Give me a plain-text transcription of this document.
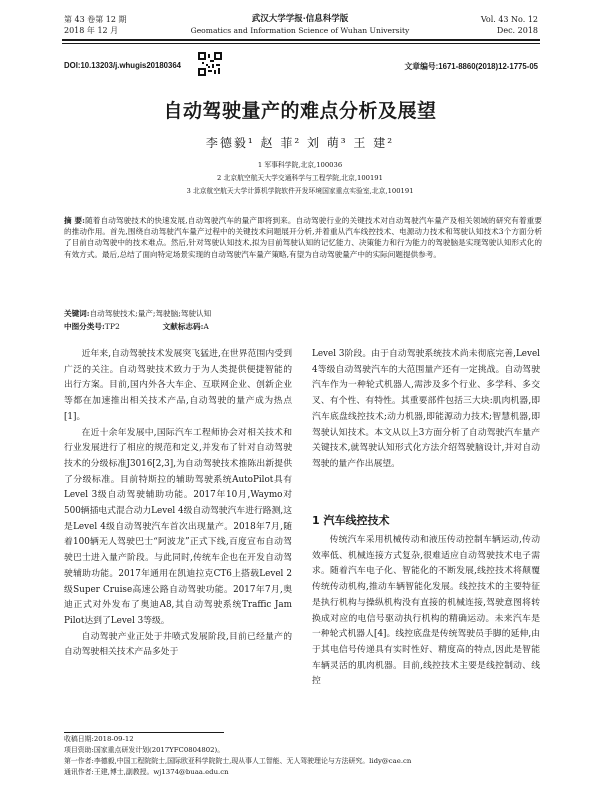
第 43 卷第 12 期
2018 年 12 月
武汉大学学报·信息科学版
Geomatics and Information Science of Wuhan University
Vol. 43 No. 12
Dec. 2018
DOI:10.13203/j.whugis20180364	文章编号:1671-8860(2018)12-1775-05
自动驾驶量产的难点分析及展望
李德毅¹ 赵 菲² 刘 萌³ 王 建²
1 军事科学院,北京,100036
2 北京航空航天大学交通科学与工程学院,北京,100191
3 北京航空航天大学计算机学院软件开发环境国家重点实验室,北京,100191
摘 要:随着自动驾驶技术的快速发展,自动驾驶汽车的量产即将到来。自动驾驶行业的关键技术对自动驾驶汽车量产及相关领域的研究有着重要的推动作用。首先,围绕自动驾驶汽车量产过程中的关键技术问题展开分析,并着重从汽车线控技术、电源动力技术和驾驶认知技术3个方面分析了目前自动驾驶中的技术难点。然后,针对驾驶认知技术,拟为目前驾驶认知的记忆能力、决策能力和行为能力的驾驶脑是实现驾驶认知形式化的有效方式。最后,总结了面向特定场景实现的自动驾驶汽车量产策略,有望为自动驾驶量产中的实际问题提供参考。
关键词:自动驾驶技术;量产;驾驶脑;驾驶认知
中图分类号:TP2	文献标志码:A

近年来,自动驾驶技术发展突飞猛进,在世界范围内受到广泛的关注。自动驾驶技术致力于为人类提供便捷智能的出行方案。目前,国内外各大车企、互联网企业、创新企业等都在加速推出相关技术产品,自动驾驶的量产成为热点[1]。

在近十余年发展中,国际汽车工程师协会对相关技术和行业发展进行了相应的规范和定义,并发布了针对自动驾驶技术的分级标准J3016[2,3],为自动驾驶技术推陈出新提供了分级标准。目前特斯拉的辅助驾驶系统AutoPilot具有Level 3级自动驾驶辅助功能。2017年10月,Waymo对500辆插电式混合动力Level 4级自动驾驶汽车进行路测,这是Level 4级自动驾驶汽车首次出现量产。2018年7月,随着100辆无人驾驶巴士“阿波龙”正式下线,百度宣布自动驾驶巴士进入量产阶段。与此同时,传统车企也在开发自动驾驶辅助功能。2017年通用在凯迪拉克CT6上搭载Level 2级Super Cruise高速公路自动驾驶功能。2017年7月,奥迪正式对外发布了奥迪A8,其自动驾驶系统Traffic Jam Pilot达到了Level 3等级。

自动驾驶产业正处于井喷式发展阶段,目前已经量产的自动驾驶相关技术产品多处于

Level 3阶段。由于自动驾驶系统技术尚未彻底完善,Level 4等级自动驾驶汽车的大范围量产还有一定挑战。自动驾驶汽车作为一种轮式机器人,需涉及多个行业、多学科、多交叉、有个性、有特性。其重要部件包括三大块:肌肉机器,即汽车底盘线控技术;动力机器,即能源动力技术;智慧机器,即驾驶认知技术。本文从以上3方面分析了自动驾驶汽车量产关键技术,就驾驶认知形式化方法介绍驾驶脑设计,并对自动驾驶的量产作出展望。

1 汽车线控技术

传统汽车采用机械传动和液压传动控制车辆运动,传动效率低、机械连接方式复杂,很难适应自动驾驶技术电子需求。随着汽车电子化、智能化的不断发展,线控技术将颠覆传统传动机构,推动车辆智能化发展。线控技术的主要特征是执行机构与操纵机构没有直接的机械连接,驾驶意图将转换成对应的电信号驱动执行机构的精确运动。未来汽车是一种轮式机器人[4]。线控底盘是传统驾驶员手脚的延伸,由于其电信号传递具有实时性好、精度高的特点,因此是智能车辆灵活的肌肉机器。目前,线控技术主要是线控制动、线控

收稿日期:2018-09-12
项目资助:国家重点研发计划(2017YFC0804802)。
第一作者:李德毅,中国工程院院士,国际欧亚科学院院士,现从事人工智能、无人驾驶理论与方法研究。lidy@cae.cn
通讯作者:王建,博士,副教授。wj1374@buaa.edu.cn
